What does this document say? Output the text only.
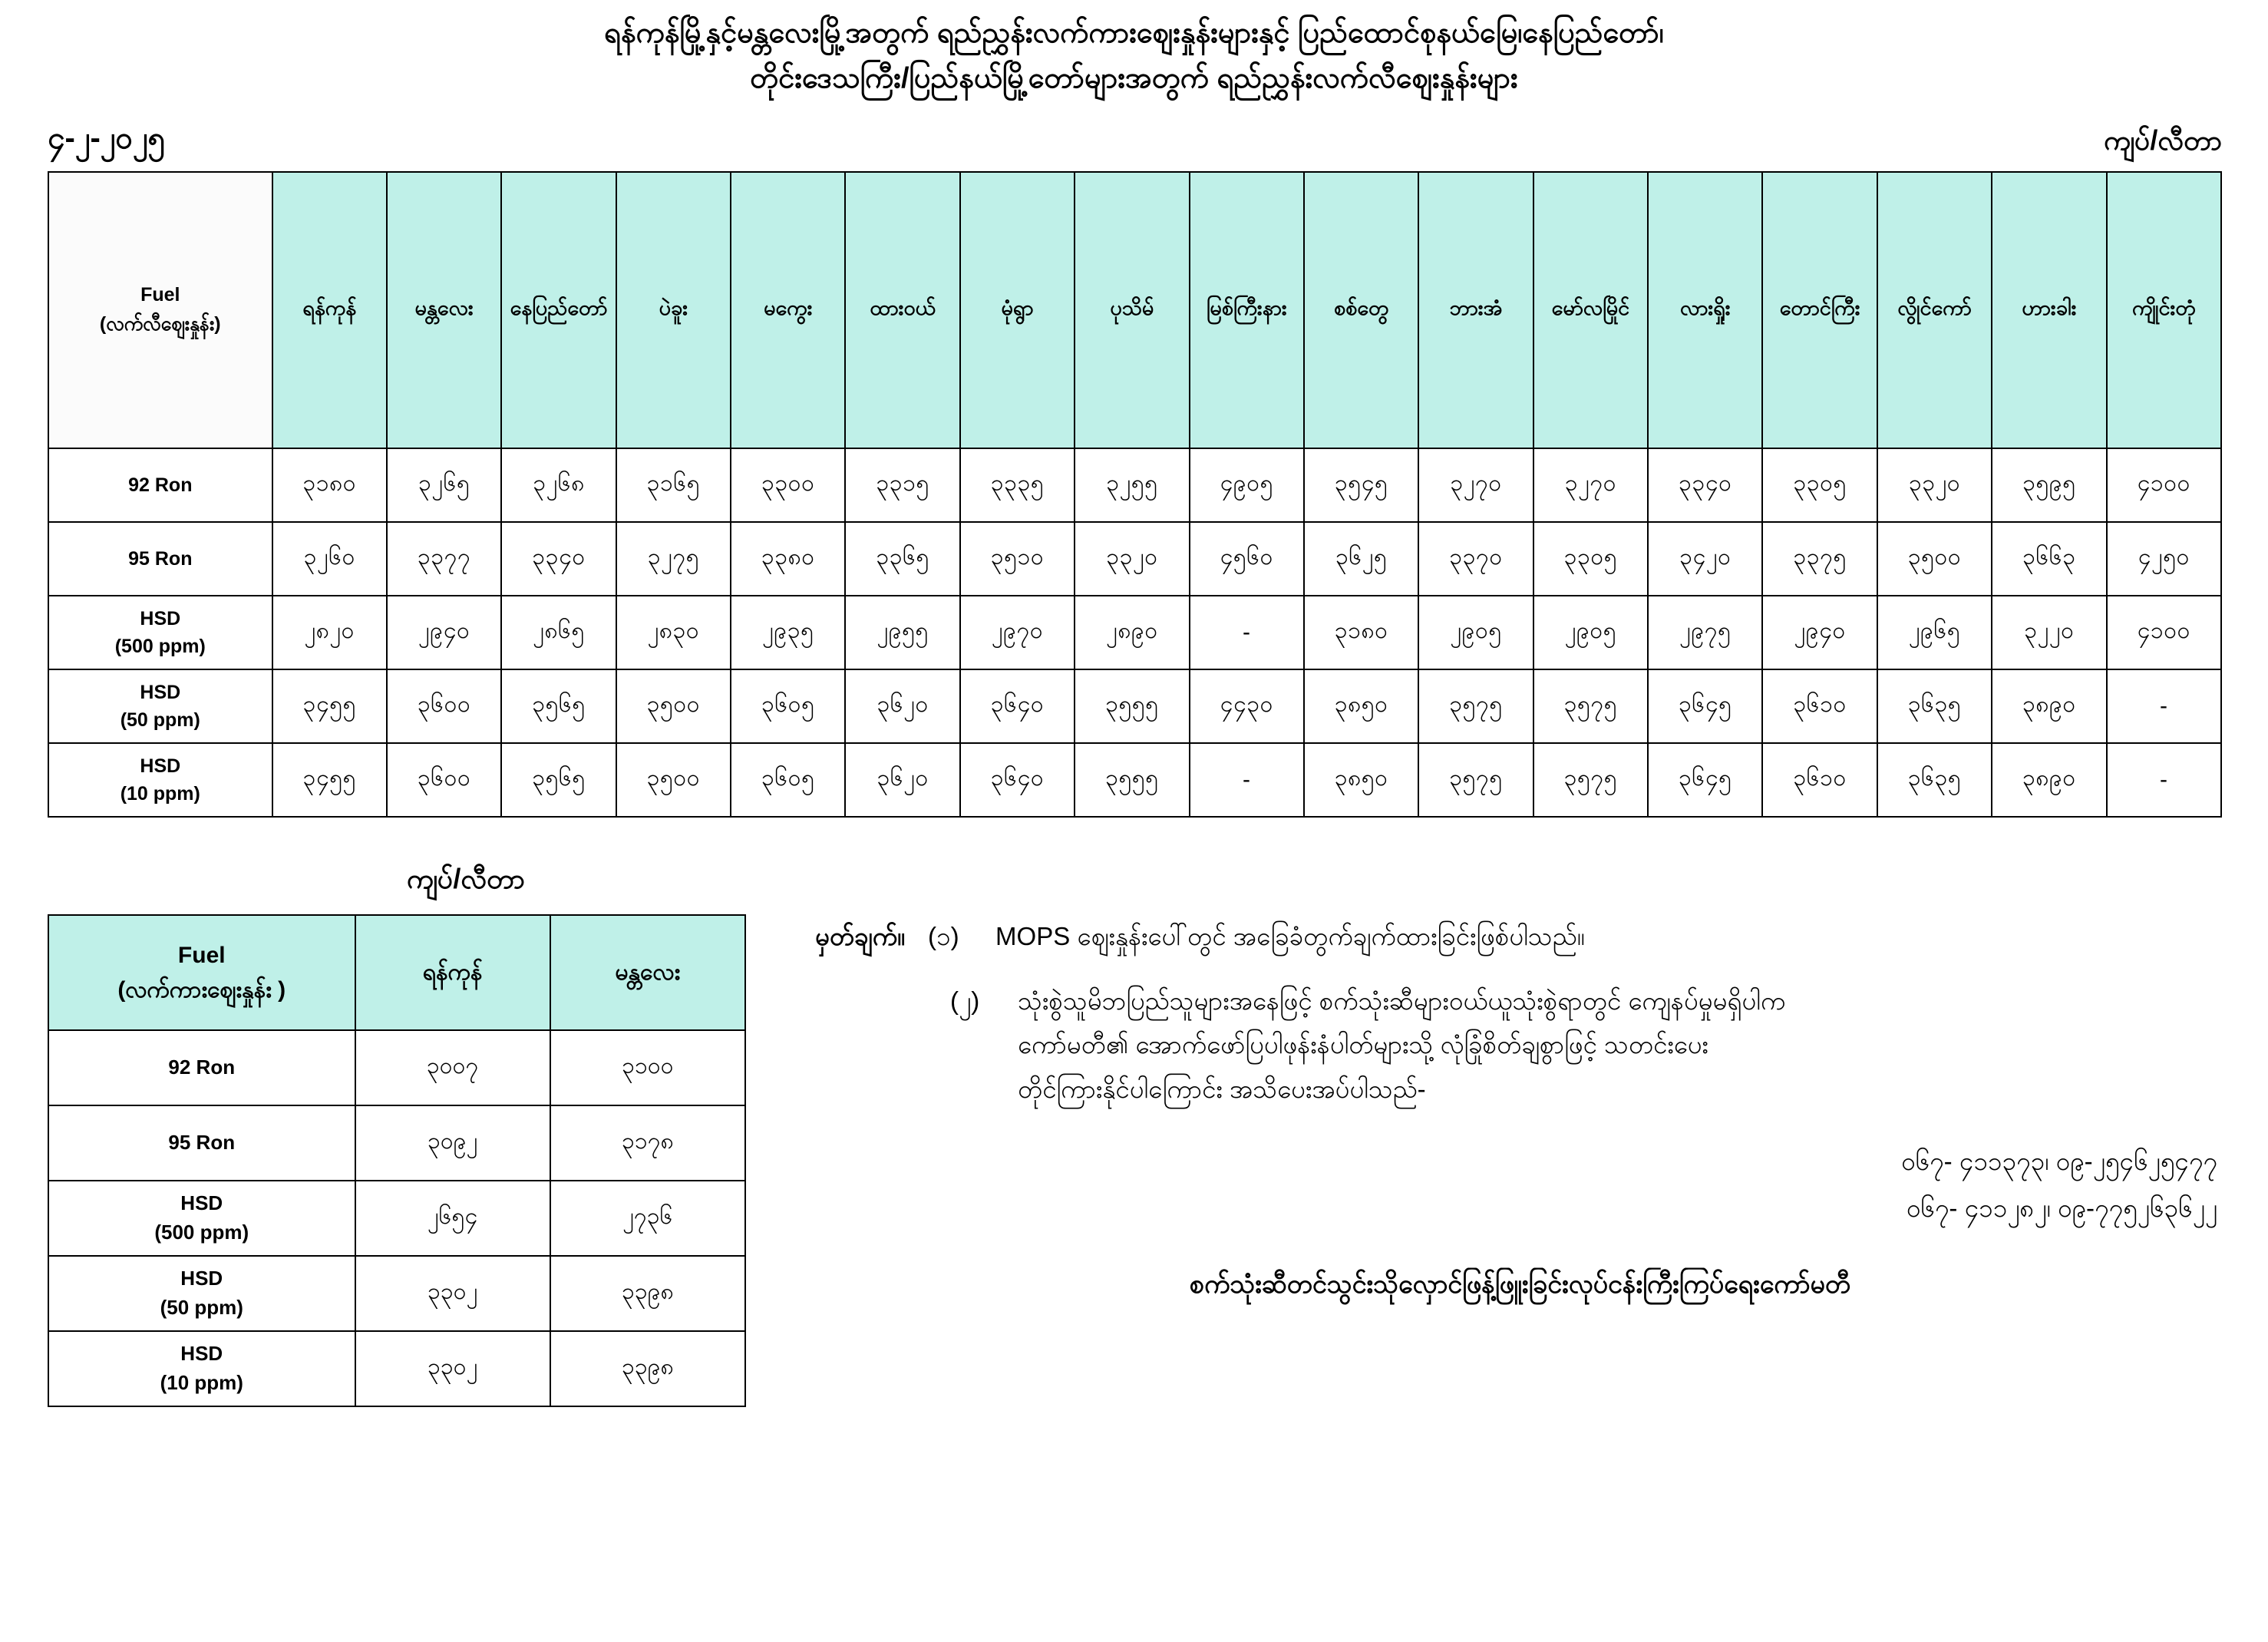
ရန်ကုန်မြို့နှင့်မန္တလေးမြို့အတွက် ရည်ညွှန်းလက်ကားဈေးနှုန်းများနှင့် ပြည်ထောင်စုနယ်မြေ၊နေပြည်တော်၊
တိုင်းဒေသကြီး/ပြည်နယ်မြို့တော်များအတွက် ရည်ညွှန်းလက်လီဈေးနှုန်းများ
၄-၂-၂၀၂၅	ကျပ်/လီတာ
Fuel
(လက်လီဈေးနှုန်း)	ရန်ကုန်	မန္တလေး	နေပြည်တော်	ပဲခူး	မကွေး	ထားဝယ်	မုံရွာ	ပုသိမ်	မြစ်ကြီးနား	စစ်တွေ	ဘားအံ	မော်လမြိုင်	လားရှိုး	တောင်ကြီး	လွိုင်ကော်	ဟားခါး	ကျိုင်းတုံ

92 Ron	၃၁၈၀	၃၂၆၅	၃၂၆၈	၃၁၆၅	၃၃၀၀	၃၃၁၅	၃၃၃၅	၃၂၅၅	၄၉၀၅	၃၅၄၅	၃၂၇၀	၃၂၇၀	၃၃၄၀	၃၃၀၅	၃၃၂၀	၃၅၉၅	၄၁၀၀

95 Ron	၃၂၆၀	၃၃၇၇	၃၃၄၀	၃၂၇၅	၃၃၈၀	၃၃၆၅	၃၅၁၀	၃၃၂၀	၄၅၆၀	၃၆၂၅	၃၃၇၀	၃၃၀၅	၃၄၂၀	၃၃၇၅	၃၅၀၀	၃၆၆၃	၄၂၅၀

HSD
(500 ppm)	၂၈၂၀	၂၉၄၀	၂၈၆၅	၂၈၃၀	၂၉၃၅	၂၉၅၅	၂၉၇၀	၂၈၉၀	-	၃၁၈၀	၂၉၀၅	၂၉၀၅	၂၉၇၅	၂၉၄၀	၂၉၆၅	၃၂၂၀	၄၁၀၀

HSD
(50 ppm)	၃၄၅၅	၃၆၀၀	၃၅၆၅	၃၅၀၀	၃၆၀၅	၃၆၂၀	၃၆၄၀	၃၅၅၅	၄၄၃၀	၃၈၅၀	၃၅၇၅	၃၅၇၅	၃၆၄၅	၃၆၁၀	၃၆၃၅	၃၈၉၀	-

HSD
(10 ppm)	၃၄၅၅	၃၆၀၀	၃၅၆၅	၃၅၀၀	၃၆၀၅	၃၆၂၀	၃၆၄၀	၃၅၅၅	-	၃၈၅၀	၃၅၇၅	၃၅၇၅	၃၆၄၅	၃၆၁၀	၃၆၃၅	၃၈၉၀	-
ကျပ်/လီတာ
Fuel
(လက်ကားဈေးနှုန်း )	ရန်ကုန်	မန္တလေး

92 Ron	၃၀၀၇	၃၁၀၀

95 Ron	၃၀၉၂	၃၁၇၈

HSD
(500 ppm)	၂၆၅၄	၂၇၃၆

HSD
(50 ppm)	၃၃၀၂	၃၃၉၈

HSD
(10 ppm)	၃၃၀၂	၃၃၉၈
မှတ်ချက်။ (၁)	MOPS ဈေးနှုန်းပေါ်တွင် အခြေခံတွက်ချက်ထားခြင်းဖြစ်ပါသည်။
(၂)	သုံးစွဲသူမိဘပြည်သူများအနေဖြင့် စက်သုံးဆီများဝယ်ယူသုံးစွဲရာတွင် ကျေနပ်မှုမရှိပါက
ကော်မတီ၏ အောက်ဖော်ပြပါဖုန်းနံပါတ်များသို့ လုံခြုံစိတ်ချစွာဖြင့် သတင်းပေး
တိုင်ကြားနိုင်ပါကြောင်း အသိပေးအပ်ပါသည်-
ဝ၆၇- ၄၁၁၃၇၃၊ ဝ၉-၂၅၄၆၂၅၄၇၇
ဝ၆၇- ၄၁၁၂၈၂၊ ဝ၉-၇၇၅၂၆၃၆၂၂
စက်သုံးဆီတင်သွင်းသိုလှောင်ဖြန့်ဖြူးခြင်းလုပ်ငန်းကြီးကြပ်ရေးကော်မတီ
